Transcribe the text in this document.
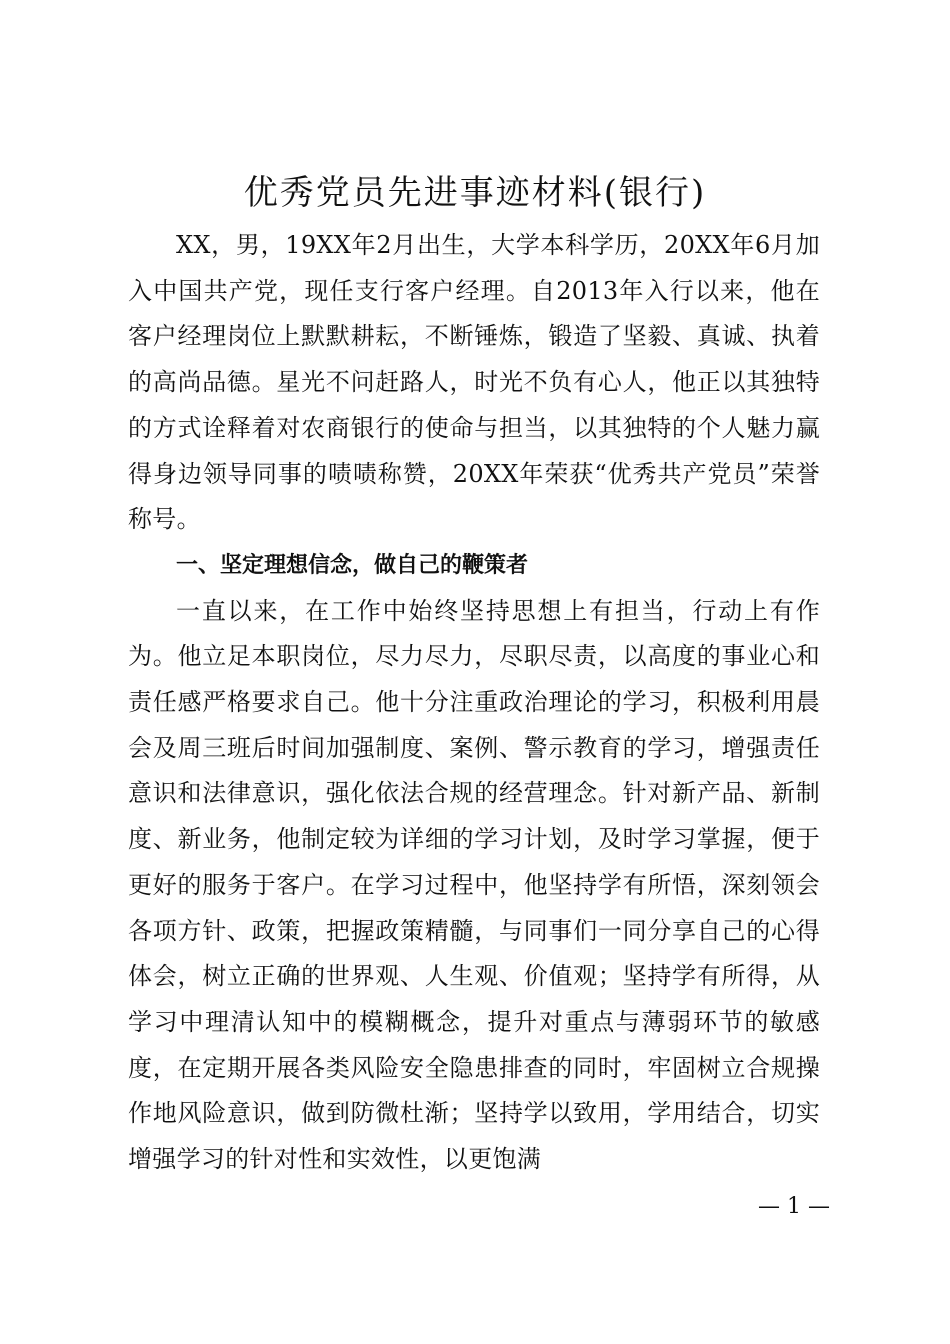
优秀党员先进事迹材料(银行)

XX，男，19XX年2月出生，大学本科学历，20XX年6月加入中国共产党，现任支行客户经理。自2013年入行以来，他在客户经理岗位上默默耕耘，不断锤炼，锻造了坚毅、真诚、执着的高尚品德。星光不问赶路人，时光不负有心人，他正以其独特的方式诠释着对农商银行的使命与担当，以其独特的个人魅力赢得身边领导同事的啧啧称赞，20XX年荣获“优秀共产党员”荣誉称号。

一、坚定理想信念，做自己的鞭策者

一直以来，在工作中始终坚持思想上有担当，行动上有作为。他立足本职岗位，尽力尽力，尽职尽责，以高度的事业心和责任感严格要求自己。他十分注重政治理论的学习，积极利用晨会及周三班后时间加强制度、案例、警示教育的学习，增强责任意识和法律意识，强化依法合规的经营理念。针对新产品、新制度、新业务，他制定较为详细的学习计划，及时学习掌握，便于更好的服务于客户。在学习过程中，他坚持学有所悟，深刻领会各项方针、政策，把握政策精髓，与同事们一同分享自己的心得体会，树立正确的世界观、人生观、价值观；坚持学有所得，从学习中理清认知中的模糊概念，提升对重点与薄弱环节的敏感度，在定期开展各类风险安全隐患排查的同时，牢固树立合规操作地风险意识，做到防微杜渐；坚持学以致用，学用结合，切实增强学习的针对性和实效性，以更饱满

— 1 —
